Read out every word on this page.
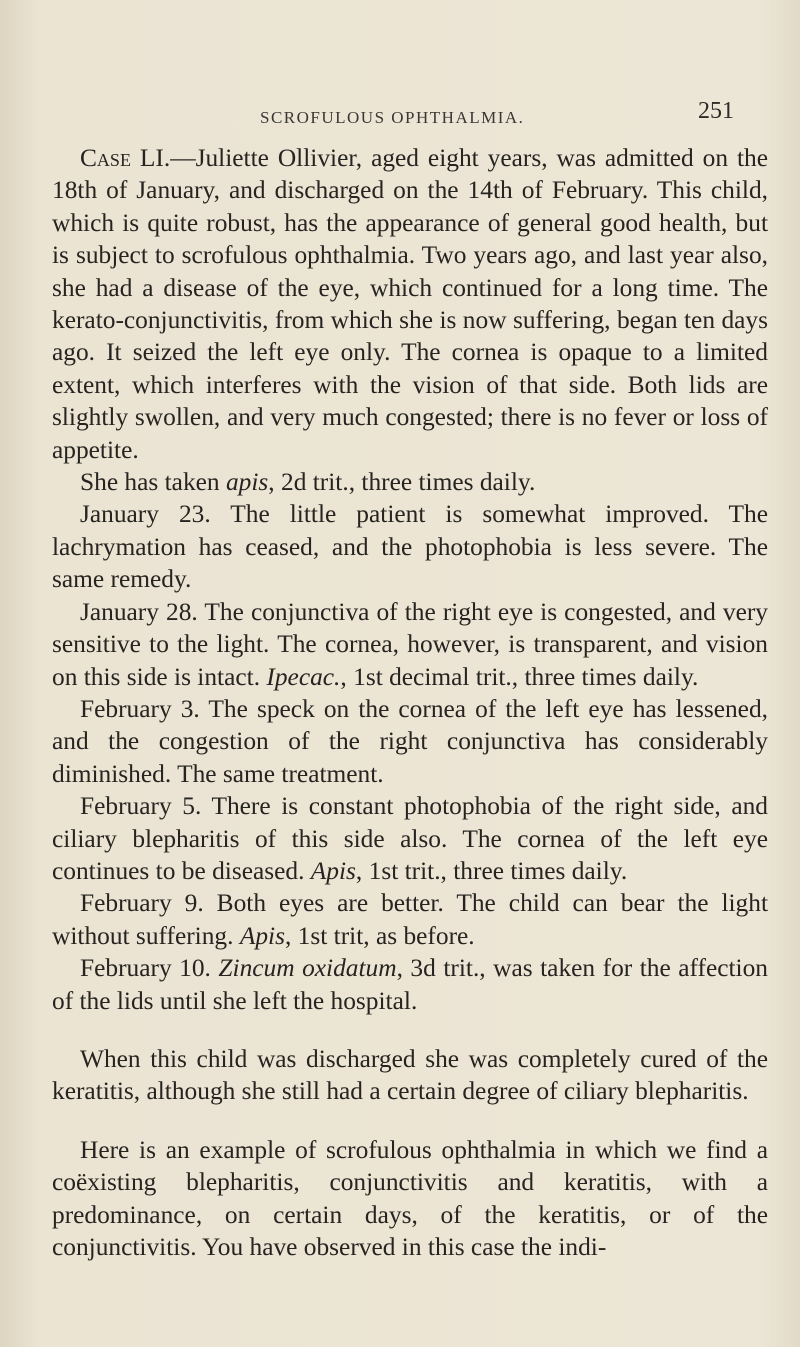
SCROFULOUS OPHTHALMIA.	251

Case LI.—Juliette Ollivier, aged eight years, was admitted on the 18th of January, and discharged on the 14th of February. This child, which is quite robust, has the appearance of general good health, but is subject to scrofulous ophthalmia. Two years ago, and last year also, she had a disease of the eye, which continued for a long time. The kerato-conjunctivitis, from which she is now suffering, began ten days ago. It seized the left eye only. The cornea is opaque to a limited extent, which interferes with the vision of that side. Both lids are slightly swollen, and very much congested; there is no fever or loss of appetite.

She has taken apis, 2d trit., three times daily.

January 23. The little patient is somewhat improved. The lachrymation has ceased, and the photophobia is less severe. The same remedy.

January 28. The conjunctiva of the right eye is congested, and very sensitive to the light. The cornea, however, is transparent, and vision on this side is intact. Ipecac., 1st decimal trit., three times daily.

February 3. The speck on the cornea of the left eye has lessened, and the congestion of the right conjunctiva has considerably diminished. The same treatment.

February 5. There is constant photophobia of the right side, and ciliary blepharitis of this side also. The cornea of the left eye continues to be diseased. Apis, 1st trit., three times daily.

February 9. Both eyes are better. The child can bear the light without suffering. Apis, 1st trit, as before.

February 10. Zincum oxidatum, 3d trit., was taken for the affection of the lids until she left the hospital.

When this child was discharged she was completely cured of the keratitis, although she still had a certain degree of ciliary blepharitis.

Here is an example of scrofulous ophthalmia in which we find a coëxisting blepharitis, conjunctivitis and keratitis, with a predominance, on certain days, of the keratitis, or of the conjunctivitis. You have observed in this case the indi-
